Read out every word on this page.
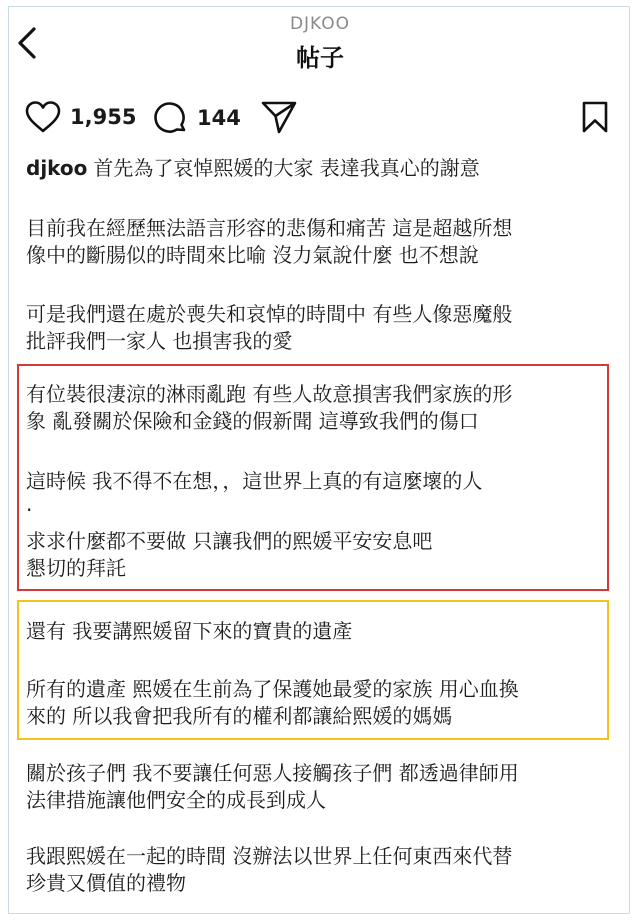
DJKOO
帖子
1,955	144

djkoo 首先為了哀悼熙媛的大家 表達我真心的謝意

目前我在經歷無法語言形容的悲傷和痛苦 這是超越所想
像中的斷腸似的時間來比喻 沒力氣說什麼 也不想說

可是我們還在處於喪失和哀悼的時間中 有些人像惡魔般
批評我們一家人 也損害我的愛

有位裝很淒涼的淋雨亂跑 有些人故意損害我們家族的形
象 亂發關於保險和金錢的假新聞 這導致我們的傷口

這時候 我不得不在想，，這世界上真的有這麼壞的人

.

求求什麼都不要做 只讓我們的熙媛平安安息吧
懇切的拜託

還有 我要講熙媛留下來的寶貴的遺產

所有的遺產 熙媛在生前為了保護她最愛的家族 用心血換
來的 所以我會把我所有的權利都讓給熙媛的媽媽

關於孩子們 我不要讓任何惡人接觸孩子們 都透過律師用
法律措施讓他們安全的成長到成人

我跟熙媛在一起的時間 沒辦法以世界上任何東西來代替
珍貴又價值的禮物
